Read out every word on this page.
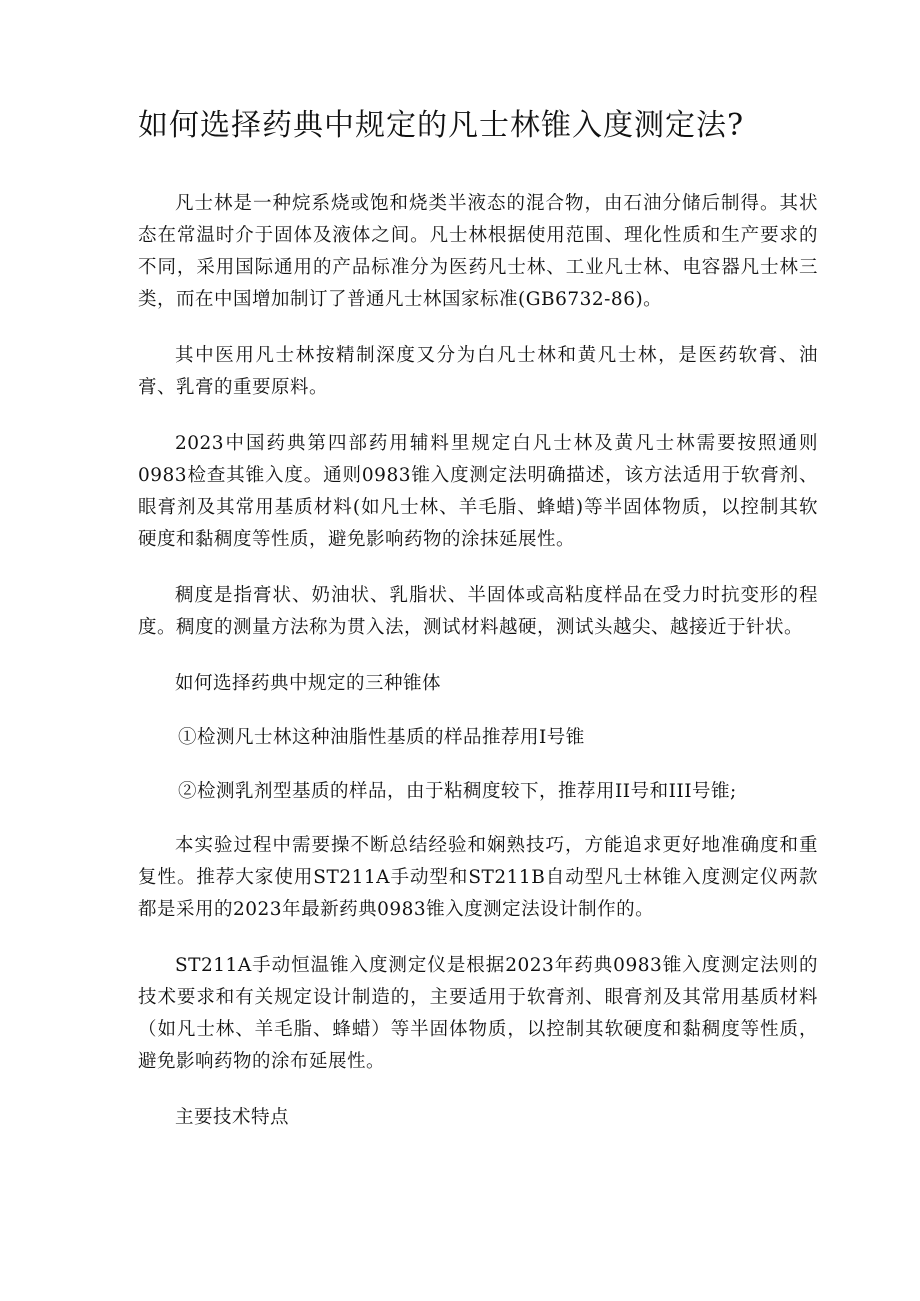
如何选择药典中规定的凡士林锥入度测定法?

凡士林是一种烷系烧或饱和烧类半液态的混合物，由石油分储后制得。其状态在常温时介于固体及液体之间。凡士林根据使用范围、理化性质和生产要求的不同，采用国际通用的产品标准分为医药凡士林、工业凡士林、电容器凡士林三类，而在中国增加制订了普通凡士林国家标准(GB6732-86)。

其中医用凡士林按精制深度又分为白凡士林和黄凡士林，是医药软膏、油膏、乳膏的重要原料。

2023中国药典第四部药用辅料里规定白凡士林及黄凡士林需要按照通则0983检查其锥入度。通则0983锥入度测定法明确描述，该方法适用于软膏剂、眼膏剂及其常用基质材料(如凡士林、羊毛脂、蜂蜡)等半固体物质，以控制其软硬度和黏稠度等性质，避免影响药物的涂抹延展性。

稠度是指膏状、奶油状、乳脂状、半固体或高粘度样品在受力时抗变形的程度。稠度的测量方法称为贯入法，测试材料越硬，测试头越尖、越接近于针状。

如何选择药典中规定的三种锥体
①检测凡士林这种油脂性基质的样品推荐用I号锥
②检测乳剂型基质的样品，由于粘稠度较下，推荐用II号和III号锥;

本实验过程中需要操不断总结经验和娴熟技巧，方能追求更好地准确度和重复性。推荐大家使用ST211A手动型和ST211B自动型凡士林锥入度测定仪两款都是采用的2023年最新药典0983锥入度测定法设计制作的。

ST211A手动恒温锥入度测定仪是根据2023年药典0983锥入度测定法则的技术要求和有关规定设计制造的，主要适用于软膏剂、眼膏剂及其常用基质材料（如凡士林、羊毛脂、蜂蜡）等半固体物质，以控制其软硬度和黏稠度等性质，避免影响药物的涂布延展性。

主要技术特点
